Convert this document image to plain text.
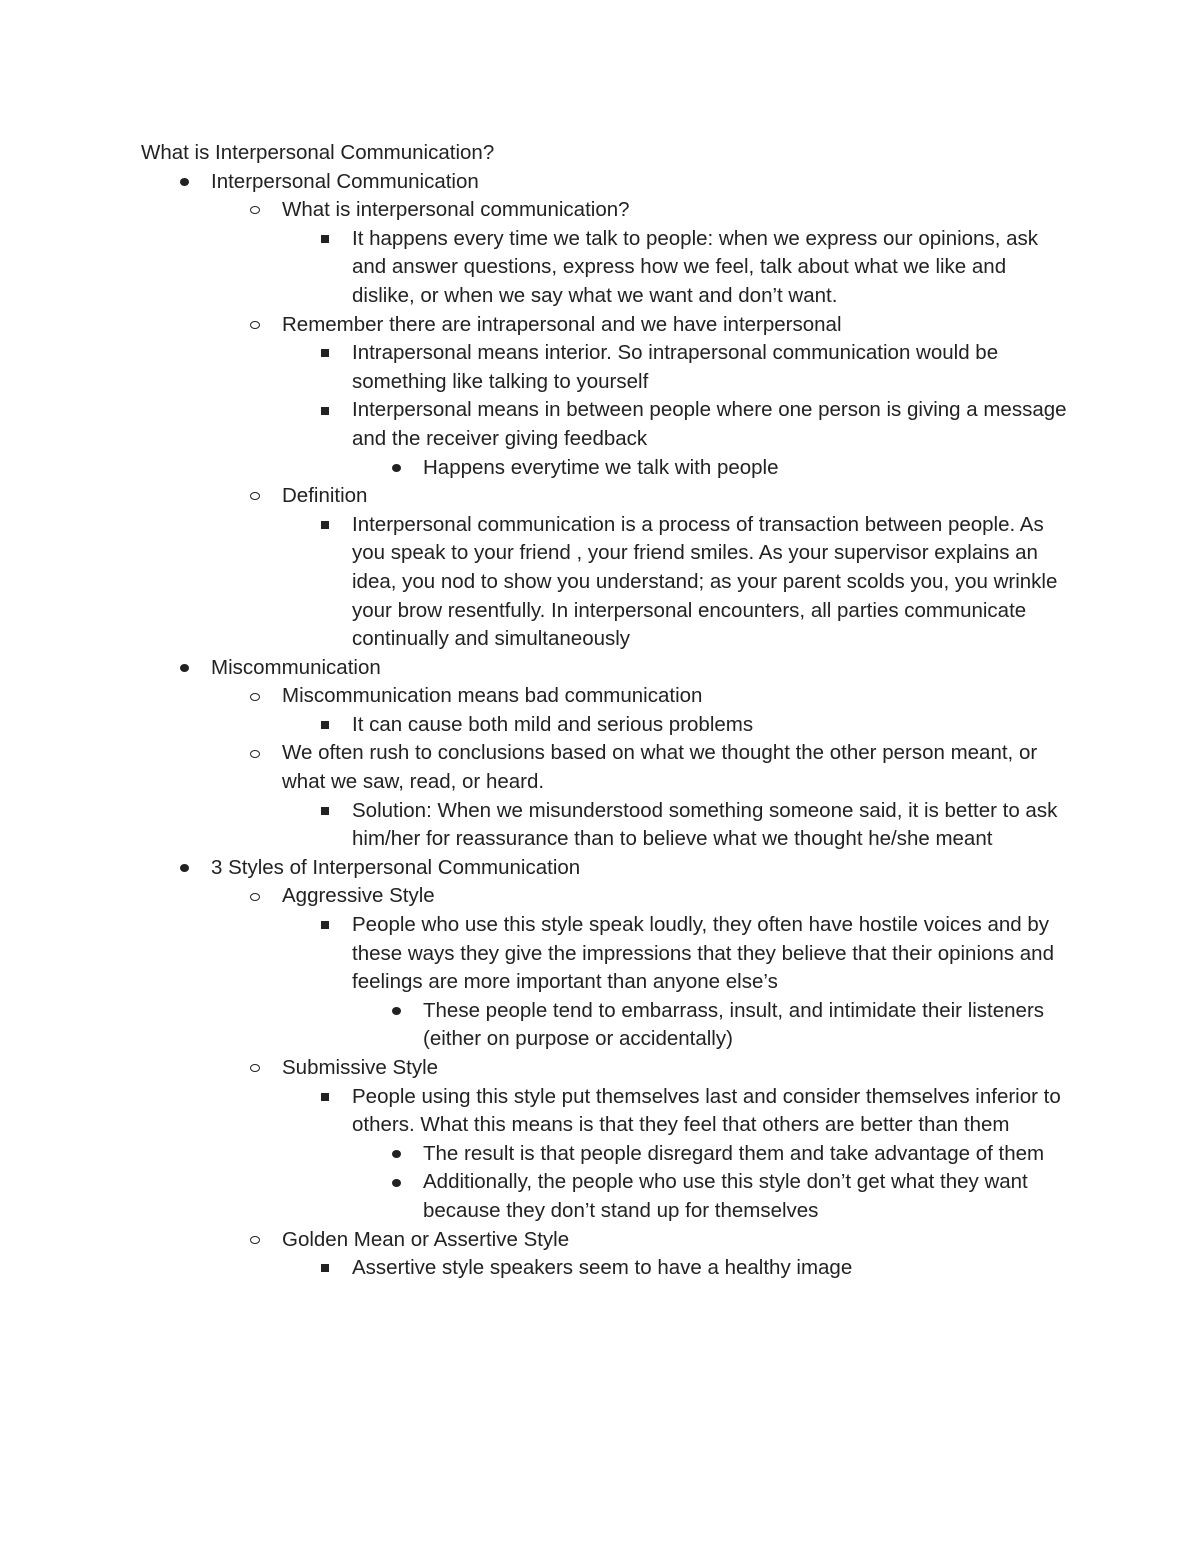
What is Interpersonal Communication?

Interpersonal Communication
What is interpersonal communication?
It happens every time we talk to people: when we express our opinions, ask and answer questions, express how we feel, talk about what we like and dislike, or when we say what we want and don’t want.
Remember there are intrapersonal and we have interpersonal
Intrapersonal means interior. So intrapersonal communication would be something like talking to yourself
Interpersonal means in between people where one person is giving a message and the receiver giving feedback
Happens everytime we talk with people
Definition
Interpersonal communication is a process of transaction between people. As you speak to your friend , your friend smiles. As your supervisor explains an idea, you nod to show you understand; as your parent scolds you, you wrinkle your brow resentfully. In interpersonal encounters, all parties communicate continually and simultaneously
Miscommunication
Miscommunication means bad communication
It can cause both mild and serious problems
We often rush to conclusions based on what we thought the other person meant, or what we saw, read, or heard.
Solution: When we misunderstood something someone said, it is better to ask him/her for reassurance than to believe what we thought he/she meant
3 Styles of Interpersonal Communication
Aggressive Style
People who use this style speak loudly, they often have hostile voices and by these ways they give the impressions that they believe that their opinions and feelings are more important than anyone else’s
These people tend to embarrass, insult, and intimidate their listeners (either on purpose or accidentally)
Submissive Style
People using this style put themselves last and consider themselves inferior to others. What this means is that they feel that others are better than them
The result is that people disregard them and take advantage of them
Additionally, the people who use this style don’t get what they want because they don’t stand up for themselves
Golden Mean or Assertive Style
Assertive style speakers seem to have a healthy image
